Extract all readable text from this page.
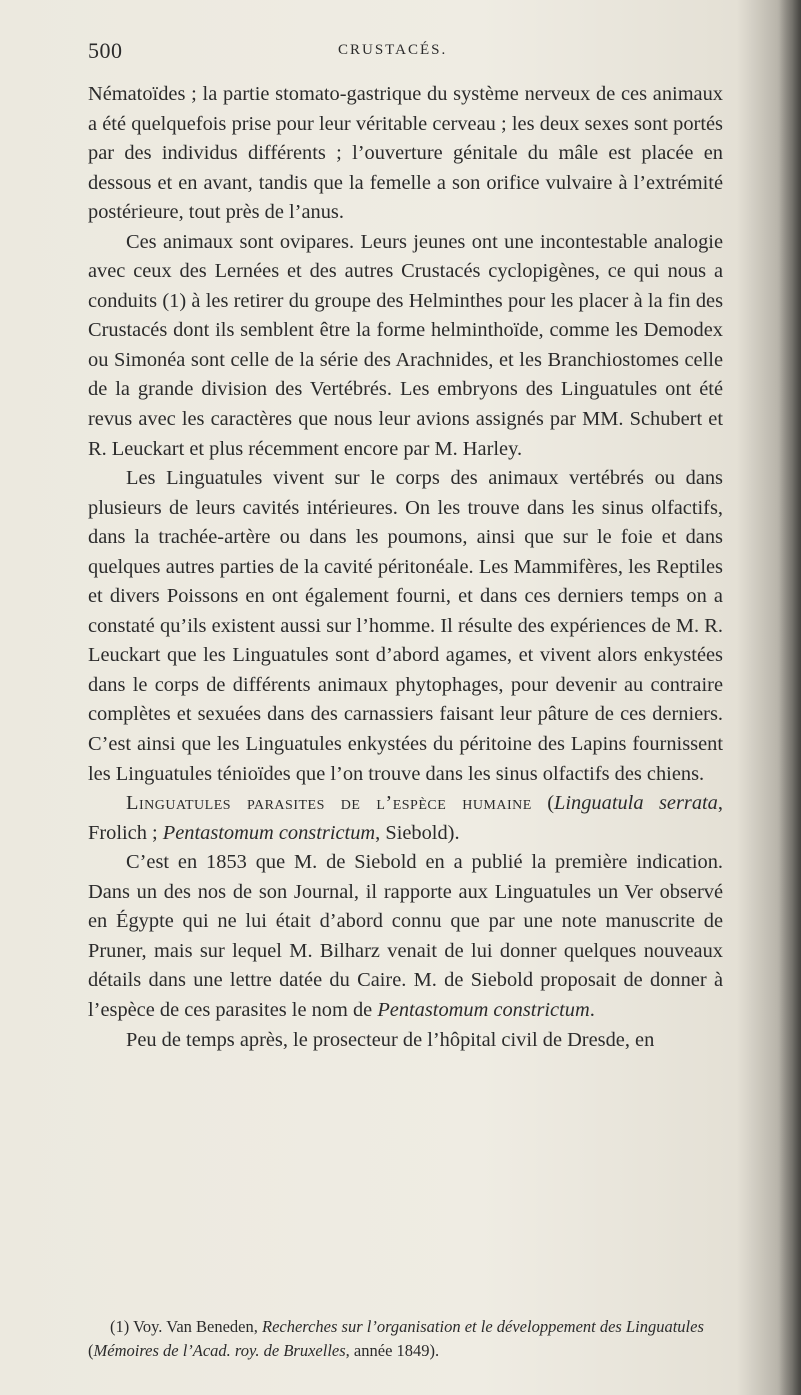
500	CRUSTACÉS.

Nématoïdes ; la partie stomato-gastrique du système nerveux de ces animaux a été quelquefois prise pour leur véritable cerveau ; les deux sexes sont portés par des individus différents ; l’ouverture génitale du mâle est placée en dessous et en avant, tandis que la femelle a son orifice vulvaire à l’extrémité postérieure, tout près de l’anus.

Ces animaux sont ovipares. Leurs jeunes ont une incontestable analogie avec ceux des Lernées et des autres Crustacés cyclopigènes, ce qui nous a conduits (1) à les retirer du groupe des Helminthes pour les placer à la fin des Crustacés dont ils semblent être la forme helminthoïde, comme les Demodex ou Simonéa sont celle de la série des Arachnides, et les Branchiostomes celle de la grande division des Vertébrés. Les embryons des Linguatules ont été revus avec les caractères que nous leur avions assignés par MM. Schubert et R. Leuckart et plus récemment encore par M. Harley.

Les Linguatules vivent sur le corps des animaux vertébrés ou dans plusieurs de leurs cavités intérieures. On les trouve dans les sinus olfactifs, dans la trachée-artère ou dans les poumons, ainsi que sur le foie et dans quelques autres parties de la cavité péritonéale. Les Mammifères, les Reptiles et divers Poissons en ont également fourni, et dans ces derniers temps on a constaté qu’ils existent aussi sur l’homme. Il résulte des expériences de M. R. Leuckart que les Linguatules sont d’abord agames, et vivent alors enkystées dans le corps de différents animaux phytophages, pour devenir au contraire complètes et sexuées dans des carnassiers faisant leur pâture de ces derniers. C’est ainsi que les Linguatules enkystées du péritoine des Lapins fournissent les Linguatules ténioïdes que l’on trouve dans les sinus olfactifs des chiens.

Linguatules parasites de l’espèce humaine (Linguatula serrata, Frolich ; Pentastomum constrictum, Siebold).

C’est en 1853 que M. de Siebold en a publié la première indication. Dans un des nos de son Journal, il rapporte aux Linguatules un Ver observé en Égypte qui ne lui était d’abord connu que par une note manuscrite de Pruner, mais sur lequel M. Bilharz venait de lui donner quelques nouveaux détails dans une lettre datée du Caire. M. de Siebold proposait de donner à l’espèce de ces parasites le nom de Pentastomum constrictum.

Peu de temps après, le prosecteur de l’hôpital civil de Dresde, en

(1) Voy. Van Beneden, Recherches sur l’organisation et le développement des Linguatules (Mémoires de l’Acad. roy. de Bruxelles, année 1849).
